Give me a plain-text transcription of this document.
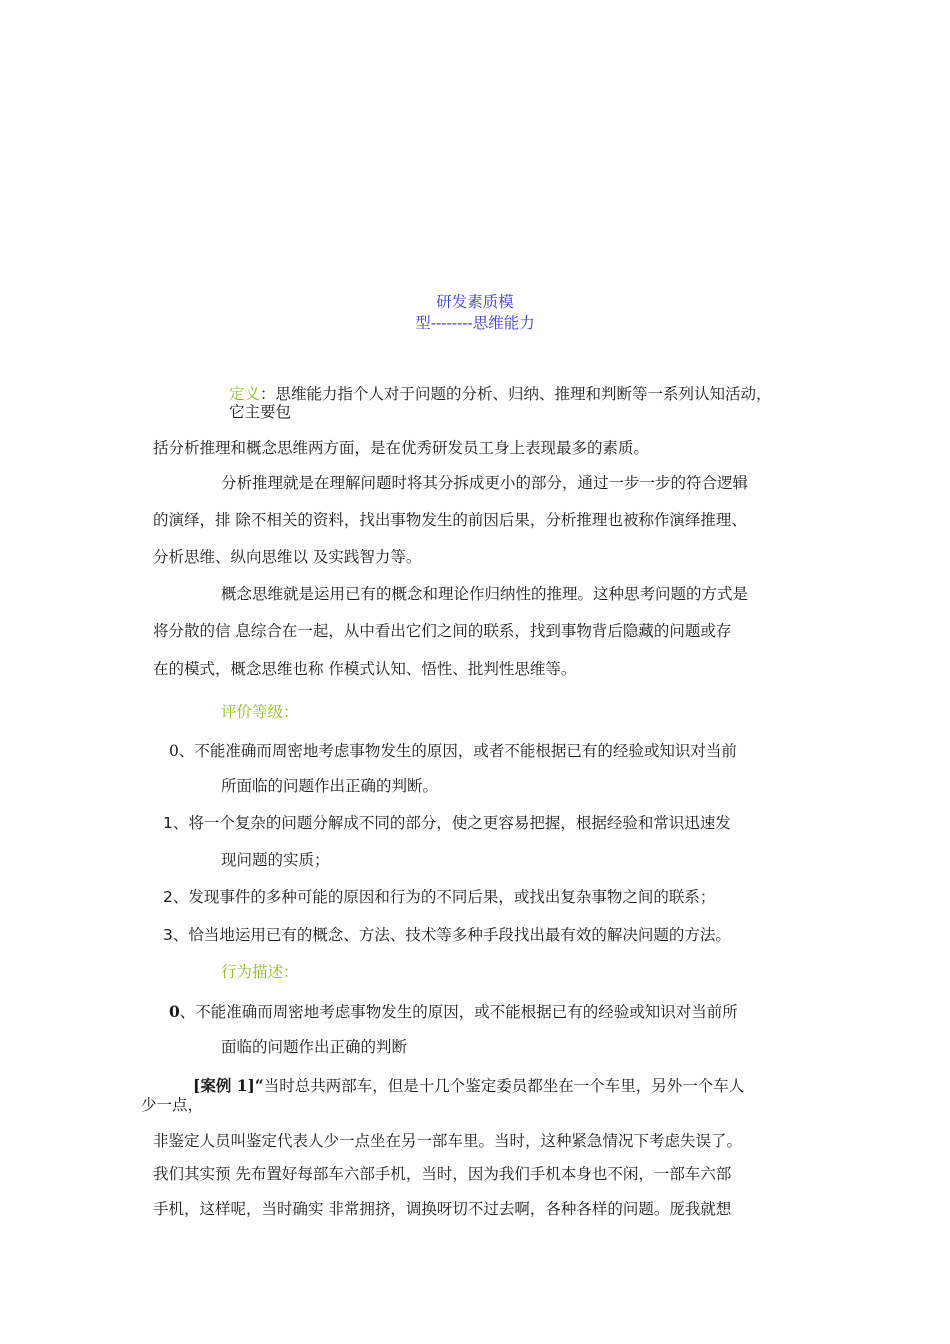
研发素质模
型--------思维能力
定义：思维能力指个人对于问题的分析、归纳、推理和判断等一系列认知活动，
它主要包
括分析推理和概念思维两方面，是在优秀研发员工身上表现最多的素质。
分析推理就是在理解问题时将其分拆成更小的部分，通过一步一步的符合逻辑
的演绎，排 除不相关的资料，找出事物发生的前因后果，分析推理也被称作演绎推理、
分析思维、纵向思维以 及实践智力等。
概念思维就是运用已有的概念和理论作归纳性的推理。这种思考问题的方式是
将分散的信 息综合在一起，从中看出它们之间的联系，找到事物背后隐藏的问题或存
在的模式，概念思维也称 作模式认知、悟性、批判性思维等。
评价等级：
0、不能准确而周密地考虑事物发生的原因，或者不能根据已有的经验或知识对当前
所面临的问题作出正确的判断。
1、将一个复杂的问题分解成不同的部分，使之更容易把握，根据经验和常识迅速发
现问题的实质；
2、发现事件的多种可能的原因和行为的不同后果，或找出复杂事物之间的联系；
3、恰当地运用已有的概念、方法、技术等多种手段找出最有效的解决问题的方法。
行为描述：
0、不能准确而周密地考虑事物发生的原因，或不能根据已有的经验或知识对当前所
面临的问题作出正确的判断
[案例 1]“当时总共两部车，但是十几个鉴定委员都坐在一个车里，另外一个车人
少一点，
非鉴定人员叫鉴定代表人少一点坐在另一部车里。当时，这种紧急情况下考虑失误了。
我们其实预 先布置好每部车六部手机，当时，因为我们手机本身也不闲，一部车六部
手机，这样呢，当时确实 非常拥挤，调换呀切不过去啊，各种各样的问题。厐我就想
